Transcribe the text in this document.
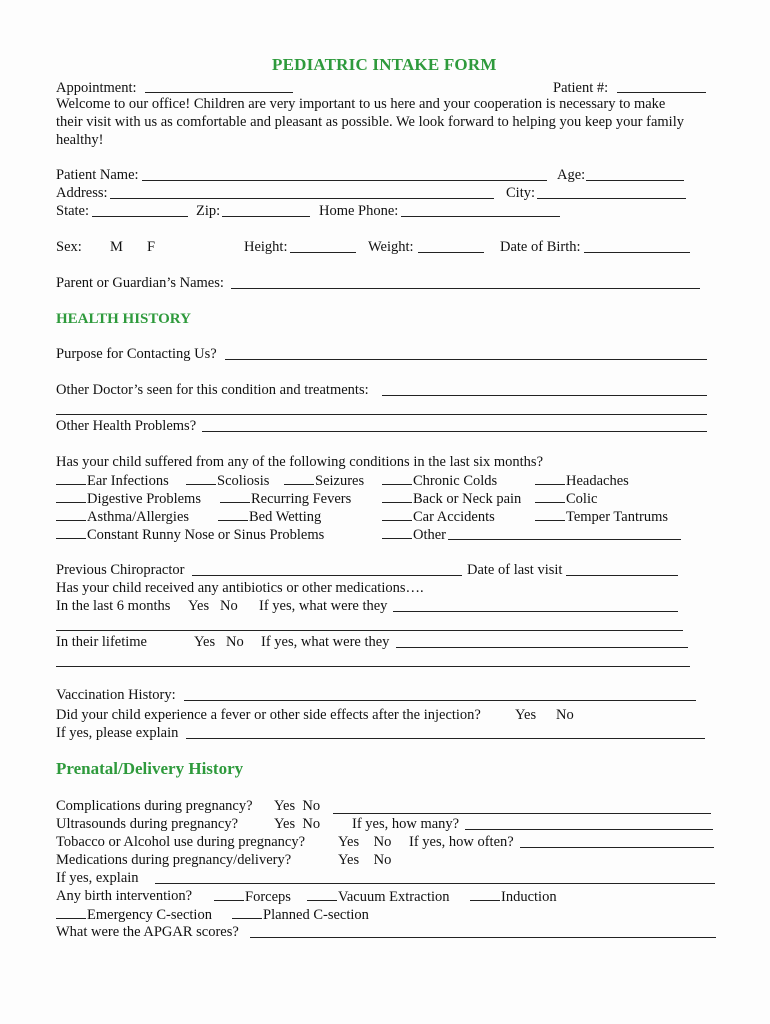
PEDIATRIC INTAKE FORM
Appointment:	Patient #:
Welcome to our office! Children are very important to us here and your cooperation is necessary to make
their visit with us as comfortable and pleasant as possible. We look forward to helping you keep your family
healthy!
Patient Name:	Age:
Address:	City:
State:	Zip:	Home Phone:
Sex: M F	Height:	Weight:	Date of Birth:
Parent or Guardian’s Names:
HEALTH HISTORY
Purpose for Contacting Us?
Other Doctor’s seen for this condition and treatments:
Other Health Problems?
Has your child suffered from any of the following conditions in the last six months?
Ear Infections	Scoliosis	Seizures	Chronic Colds	Headaches
Digestive Problems	Recurring Fevers	Back or Neck pain	Colic
Asthma/Allergies	Bed Wetting	Car Accidents	Temper Tantrums
Constant Runny Nose or Sinus Problems	Other
Previous Chiropractor	Date of last visit
Has your child received any antibiotics or other medications….
In the last 6 months Yes   No If yes, what were they
In their lifetime	Yes   No If yes, what were they
Vaccination History:
Did your child experience a fever or other side effects after the injection? Yes No
If yes, please explain
Prenatal/Delivery History
Complications during pregnancy? Yes  No
Ultrasounds during pregnancy? Yes  No If yes, how many?
Tobacco or Alcohol use during pregnancy? Yes    No If yes, how often?
Medications during pregnancy/delivery?	Yes    No
If yes, explain
Any birth intervention?	Forceps	Vacuum Extraction	Induction
Emergency C-section	Planned C-section
What were the APGAR scores?
